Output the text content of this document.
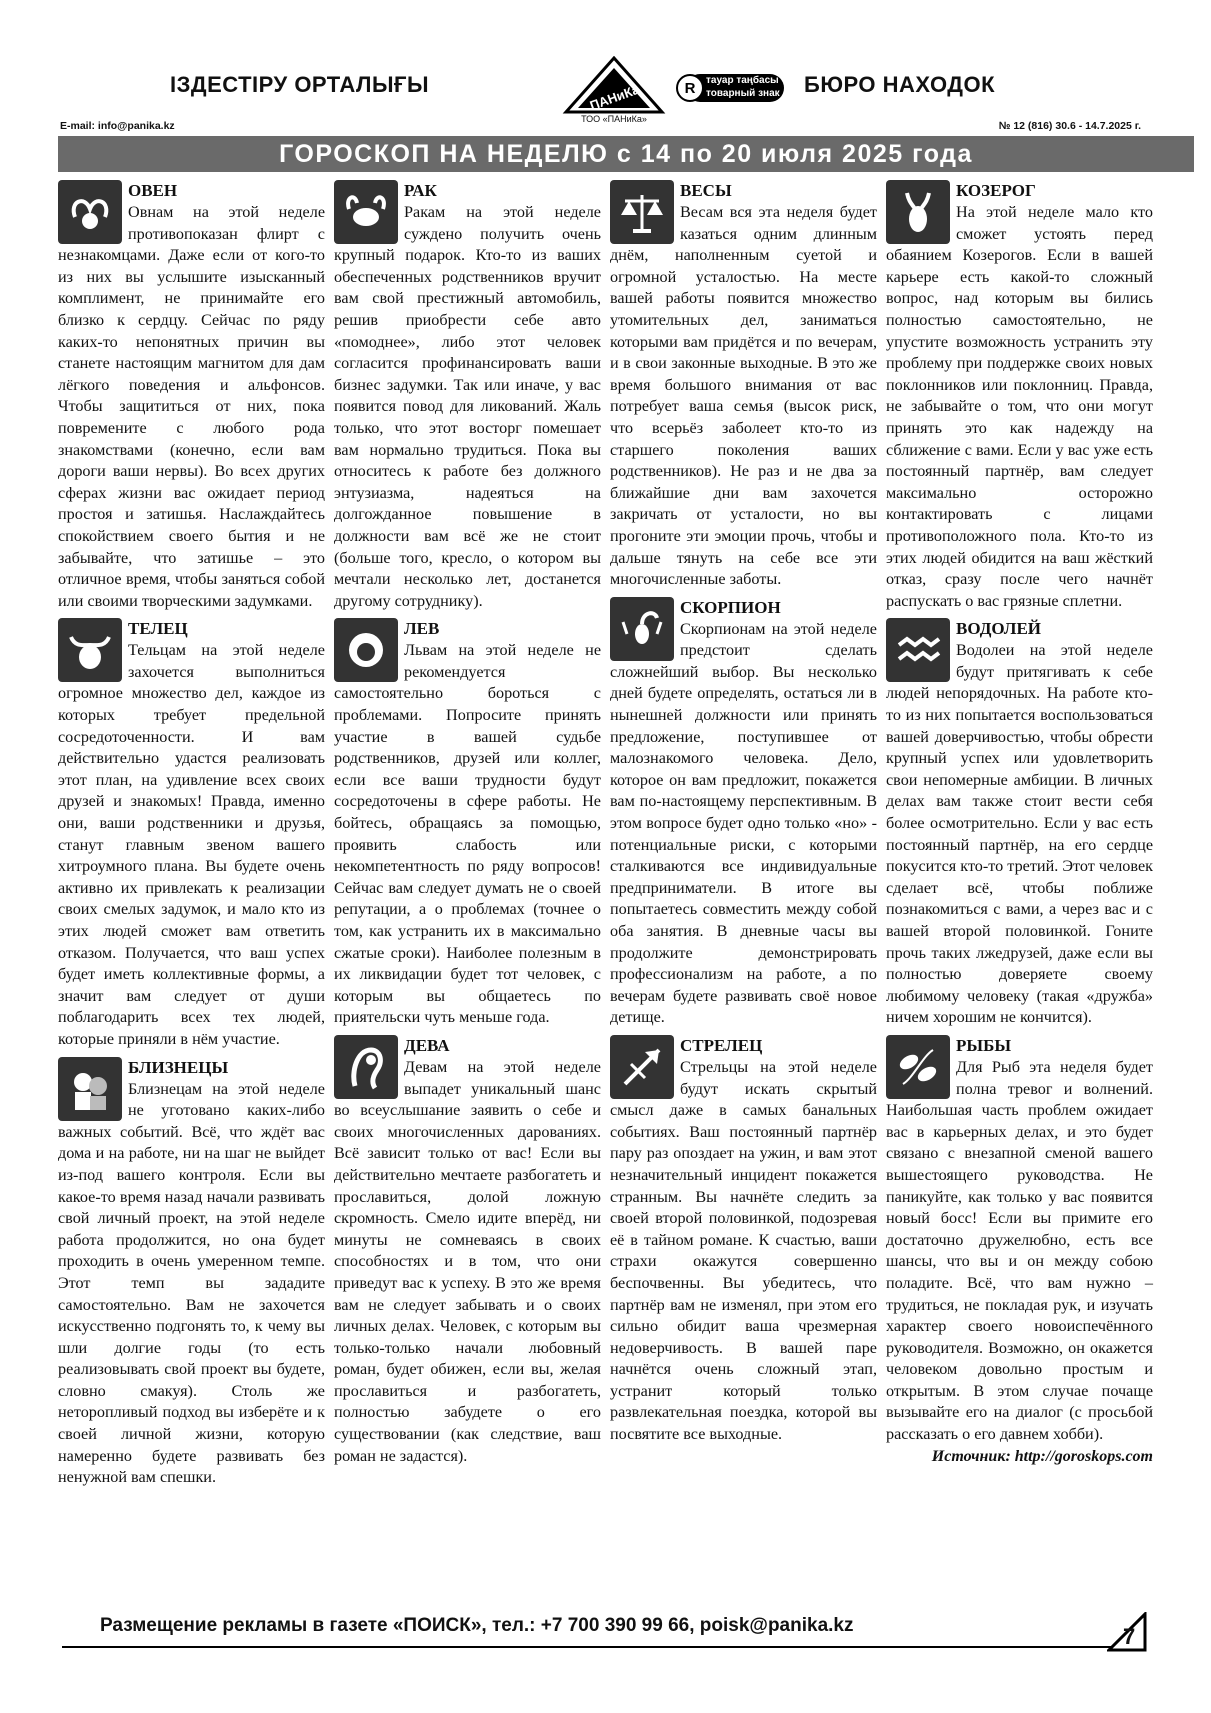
ІЗДЕСТІРУ ОРТАЛЫҒЫ	ПАНиКа
ТОО «ПАНиКа»
R тауар таңбасы
товарный знак БЮРО НАХОДОК
E-mail: info@panika.kz	№ 12 (816) 30.6 - 14.7.2025 г.
ГОРОСКОП НА НЕДЕЛЮ с 14 по 20 июля 2025 года
ОВЕН

Овнам на этой неделе противопоказан флирт с незнакомцами. Даже если от кого-то из них вы услышите изысканный комплимент, не принимайте его близко к сердцу. Сейчас по ряду каких-то непонятных причин вы станете настоящим магнитом для дам лёгкого поведения и альфонсов. Чтобы защититься от них, пока повремените с любого рода знакомствами (конечно, если вам дороги ваши нервы). Во всех других сферах жизни вас ожидает период простоя и затишья. Наслаждайтесь спокойствием своего бытия и не забывайте, что затишье – это отличное время, чтобы заняться собой или своими творческими задумками.

ТЕЛЕЦ

Тельцам на этой неделе захочется выполниться огромное множество дел, каждое из которых требует предельной сосредоточенности. И вам действительно удастся реализовать этот план, на удивление всех своих друзей и знакомых! Правда, именно они, ваши родственники и друзья, станут главным звеном вашего хитроумного плана. Вы будете очень активно их привлекать к реализации своих смелых задумок, и мало кто из этих людей сможет вам ответить отказом. Получается, что ваш успех будет иметь коллективные формы, а значит вам следует от души поблагодарить всех тех людей, которые приняли в нём участие.

БЛИЗНЕЦЫ

Близнецам на этой неделе не уготовано каких-либо важных событий. Всё, что ждёт вас дома и на работе, ни на шаг не выйдет из-под вашего контроля. Если вы какое-то время назад начали развивать свой личный проект, на этой неделе работа продолжится, но она будет проходить в очень умеренном темпе. Этот темп вы зададите самостоятельно. Вам не захочется искусственно подгонять то, к чему вы шли долгие годы (то есть реализовывать свой проект вы будете, словно смакуя). Столь же неторопливый подход вы изберёте и к своей личной жизни, которую намеренно будете развивать без ненужной вам спешки.

РАК

Ракам на этой неделе суждено получить очень крупный подарок. Кто-то из ваших обеспеченных родственников вручит вам свой престижный автомобиль, решив приобрести себе авто «помоднее», либо этот человек согласится профинансировать ваши бизнес задумки. Так или иначе, у вас появится повод для ликований. Жаль только, что этот восторг помешает вам нормально трудиться. Пока вы относитесь к работе без должного энтузиазма, надеяться на долгожданное повышение в должности вам всё же не стоит (больше того, кресло, о котором вы мечтали несколько лет, достанется другому сотруднику).

ЛЕВ

Львам на этой неделе не рекомендуется самостоятельно бороться с проблемами. Попросите принять участие в вашей судьбе родственников, друзей или коллег, если все ваши трудности будут сосредоточены в сфере работы. Не бойтесь, обращаясь за помощью, проявить слабость или некомпетентность по ряду вопросов! Сейчас вам следует думать не о своей репутации, а о проблемах (точнее о том, как устранить их в максимально сжатые сроки). Наиболее полезным в их ликвидации будет тот человек, с которым вы общаетесь по приятельски чуть меньше года.

ДЕВА

Девам на этой неделе выпадет уникальный шанс во всеуслышание заявить о себе и своих многочисленных дарованиях. Всё зависит только от вас! Если вы действительно мечтаете разбогатеть и прославиться, долой ложную скромность. Смело идите вперёд, ни минуты не сомневаясь в своих способностях и в том, что они приведут вас к успеху. В это же время вам не следует забывать и о своих личных делах. Человек, с которым вы только-только начали любовный роман, будет обижен, если вы, желая прославиться и разбогатеть, полностью забудете о его существовании (как следствие, ваш роман не задастся).

ВЕСЫ

Весам вся эта неделя будет казаться одним длинным днём, наполненным суетой и огромной усталостью. На месте вашей работы появится множество утомительных дел, заниматься которыми вам придётся и по вечерам, и в свои законные выходные. В это же время большого внимания от вас потребует ваша семья (высок риск, что всерьёз заболеет кто-то из старшего поколения ваших родственников). Не раз и не два за ближайшие дни вам захочется закричать от усталости, но вы прогоните эти эмоции прочь, чтобы и дальше тянуть на себе все эти многочисленные заботы.

СКОРПИОН

Скорпионам на этой неделе предстоит сделать сложнейший выбор. Вы несколько дней будете определять, остаться ли в нынешней должности или принять предложение, поступившее от малознакомого человека. Дело, которое он вам предложит, покажется вам по-настоящему перспективным. В этом вопросе будет одно только «но» - потенциальные риски, с которыми сталкиваются все индивидуальные предприниматели. В итоге вы попытаетесь совместить между собой оба занятия. В дневные часы вы продолжите демонстрировать профессионализм на работе, а по вечерам будете развивать своё новое детище.

СТРЕЛЕЦ

Стрельцы на этой неделе будут искать скрытый смысл даже в самых банальных событиях. Ваш постоянный партнёр пару раз опоздает на ужин, и вам этот незначительный инцидент покажется странным. Вы начнёте следить за своей второй половинкой, подозревая её в тайном романе. К счастью, ваши страхи окажутся совершенно беспочвенны. Вы убедитесь, что партнёр вам не изменял, при этом его сильно обидит ваша чрезмерная недоверчивость. В вашей паре начнётся очень сложный этап, устранит который только развлекательная поездка, которой вы посвятите все выходные.

КОЗЕРОГ

На этой неделе мало кто сможет устоять перед обаянием Козерогов. Если в вашей карьере есть какой-то сложный вопрос, над которым вы бились полностью самостоятельно, не упустите возможность устранить эту проблему при поддержке своих новых поклонников или поклонниц. Правда, не забывайте о том, что они могут принять это как надежду на сближение с вами. Если у вас уже есть постоянный партнёр, вам следует максимально осторожно контактировать с лицами противоположного пола. Кто-то из этих людей обидится на ваш жёсткий отказ, сразу после чего начнёт распускать о вас грязные сплетни.

ВОДОЛЕЙ

Водолеи на этой неделе будут притягивать к себе людей непорядочных. На работе кто-то из них попытается воспользоваться вашей доверчивостью, чтобы обрести крупный успех или удовлетворить свои непомерные амбиции. В личных делах вам также стоит вести себя более осмотрительно. Если у вас есть постоянный партнёр, на его сердце покусится кто-то третий. Этот человек сделает всё, чтобы поближе познакомиться с вами, а через вас и с вашей второй половинкой. Гоните прочь таких лжедрузей, даже если вы полностью доверяете своему любимому человеку (такая «дружба» ничем хорошим не кончится).

РЫБЫ

Для Рыб эта неделя будет полна тревог и волнений. Наибольшая часть проблем ожидает вас в карьерных делах, и это будет связано с внезапной сменой вашего вышестоящего руководства. Не паникуйте, как только у вас появится новый босс! Если вы примите его достаточно дружелюбно, есть все шансы, что вы и он между собою поладите. Всё, что вам нужно – трудиться, не покладая рук, и изучать характер своего новоиспечённого руководителя. Возможно, он окажется человеком довольно простым и открытым. В этом случае почаще вызывайте его на диалог (с просьбой рассказать о его давнем хобби).

Источник: http://goroskops.com
Размещение рекламы в газете «ПОИСК», тел.: +7 700 390 99 66, poisk@panika.kz	7
